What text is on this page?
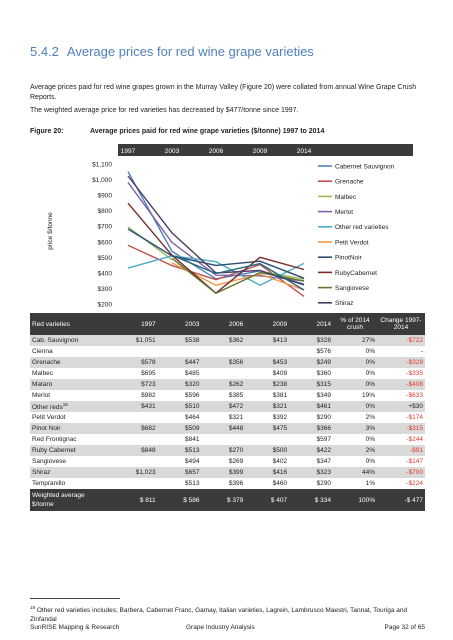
5.4.2 Average prices for red wine grape varieties
Average prices paid for red wine grapes grown in the Murray Valley (Figure 20) were collated from annual Wine Grape Crush Reports.
The weighted average price for red varieties has decreased by $477/tonne since 1997.
Figure 20:	Average prices paid for red wine grape varieties ($/tonne) 1997 to 2014
1997	2003	2006	2009	2014
$200
$300
$400
$500
$600
$700
$800
$900
$1,000
$1,100
price $/tonne
Cabernet Sauvignon
Grenache
Malbec
Merlot
Other red varieties
Petit Verdot
PinotNoir
RubyCabernet
Sangiovese
Shiraz
Red varieties	1997	2003	2006	2009	2014	% of 2014 crush	Change 1997-2014
Cab. Sauvignon	$1,051	$538	$362	$413	$328	27%	-$722
Cienna					$576	0%	-
Grenache	$578	$447	$356	$453	$249	0%	-$329
Malbec	$695	$485		$409	$360	0%	-$335
Mataro	$723	$320	$262	$238	$315	0%	-$408
Merlot	$982	$596	$385	$381	$349	19%	-$633
Other reds$^{18}$	$431	$510	$472	$321	$461	0%	+$30
Petit Verdot		$464	$321	$392	$290	2%	-$174
Pinot Noir	$682	$509	$448	$475	$366	3%	-$315
Red Frontignac		$841			$597	0%	-$244
Ruby Cabernet	$848	$513	$270	$500	$422	2%	-$91
Sangiovese		$494	$269	$402	$347	0%	-$147
Shiraz	$1,023	$657	$399	$416	$323	44%	-$700
Tempranillo		$513	$396	$460	$290	1%	-$224
Weighted average $/tonne	$ 811	$ 586	$ 379	$ 407	$ 334	100%	-$ 477
$^{18}$ Other red varieties includes; Barbera, Cabernet Franc, Gamay, Italian varieties, Lagrein, Lambrusco Maestri, Tannat, Touriga and Zinfandal
SunRISE Mapping & Research	Grape Industry Analysis	Page 32 of 65
